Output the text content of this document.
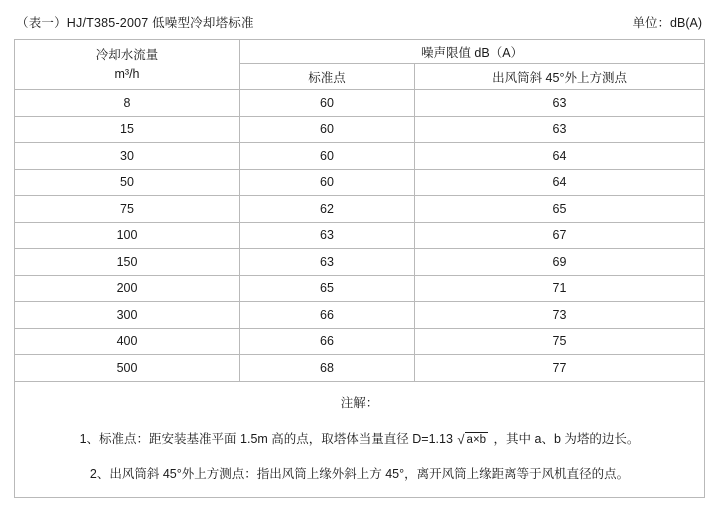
（表一）HJ/T385-2007 低噪型冷却塔标准	单位：dB(A)
冷却水流量
m³/h	噪声限值 dB（A）	
	标准点	出风筒斜 45°外上方测点
8	60	63
15	60	63
30	60	64
50	60	64
75	62	65
100	63	67
150	63	69
200	65	71
300	66	73
400	66	75
500	68	77

注解：
1、标准点：距安装基准平面 1.5m 高的点，取塔体当量直径 D=1.13 √ a×b ，其中 a、b 为塔的边长。
2、出风筒斜 45°外上方测点：指出风筒上缘外斜上方 45°，离开风筒上缘距离等于风机直径的点。		
